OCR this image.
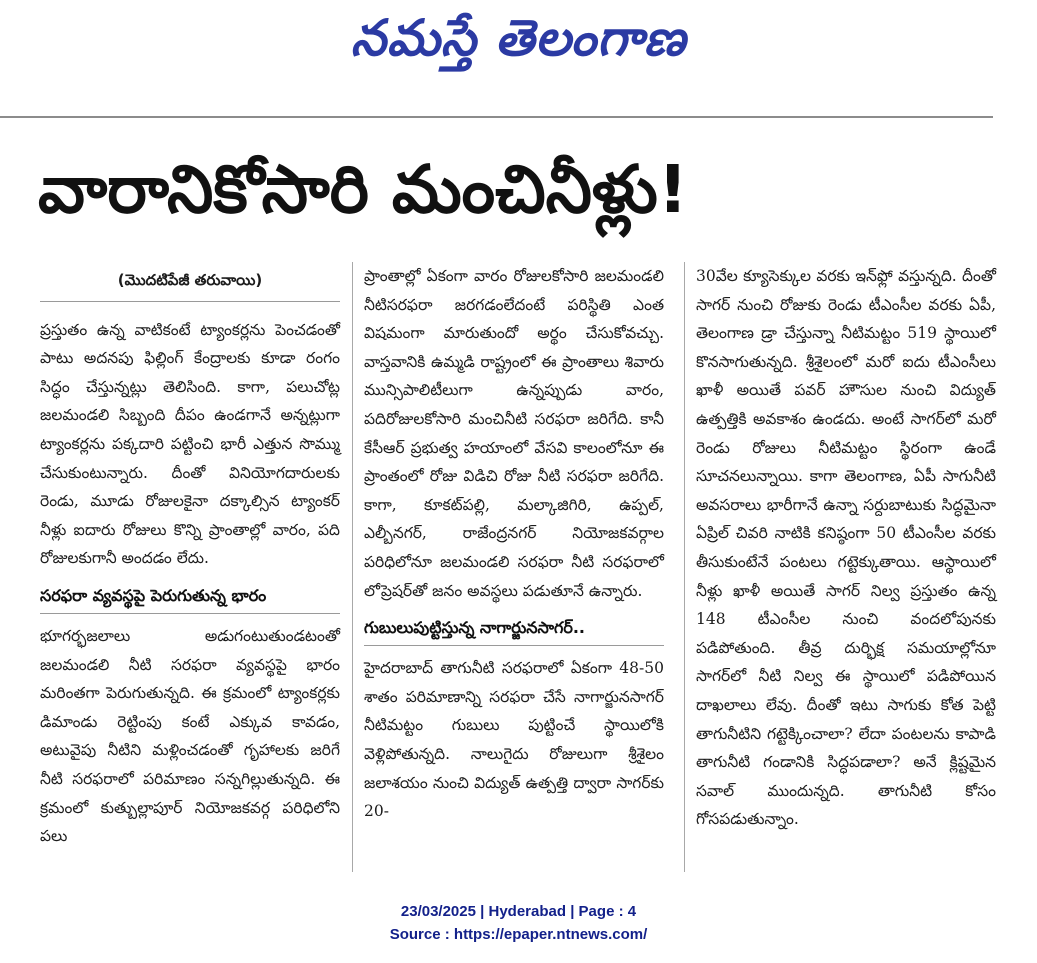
నమస్తే తెలంగాణ
వారానికోసారి మంచినీళ్లు!
(మొదటిపేజీ తరువాయి)

ప్రస్తుతం ఉన్న వాటికంటే ట్యాంకర్లను పెంచడంతో పాటు అదనపు ఫిల్లింగ్ కేంద్రాలకు కూడా రంగం సిద్ధం చేస్తున్నట్లు తెలిసింది. కాగా, పలుచోట్ల జలమండలి సిబ్బంది దీపం ఉండగానే అన్నట్లుగా ట్యాంకర్లను పక్కదారి పట్టించి భారీ ఎత్తున సొమ్ము చేసుకుంటున్నారు. దీంతో వినియోగదారులకు రెండు, మూడు రోజులకైనా దక్కాల్సిన ట్యాంకర్ నీళ్లు ఐదారు రోజులు కొన్ని ప్రాంతాల్లో వారం, పది రోజులకుగానీ అందడం లేదు.

సరఫరా వ్యవస్థపై పెరుగుతున్న భారం

భూగర్భజలాలు అడుగంటుతుండటంతో జలమండలి నీటి సరఫరా వ్యవస్థపై భారం మరింతగా పెరుగుతున్నది. ఈ క్రమంలో ట్యాంకర్లకు డిమాండు రెట్టింపు కంటే ఎక్కువ కావడం, అటువైపు నీటిని మళ్లించడంతో గృహాలకు జరిగే నీటి సరఫరాలో పరిమాణం సన్నగిల్లుతున్నది. ఈ క్రమంలో కుత్బుల్లాపూర్ నియోజకవర్గ పరిధిలోని పలు

ప్రాంతాల్లో ఏకంగా వారం రోజులకోసారి జలమండలి నీటిసరఫరా జరగడంలేదంటే పరిస్థితి ఎంత విషమంగా మారుతుందో అర్థం చేసుకోవచ్చు. వాస్తవానికి ఉమ్మడి రాష్ట్రంలో ఈ ప్రాంతాలు శివారు మున్సిపాలిటీలుగా ఉన్నప్పుడు వారం, పదిరోజులకోసారి మంచినీటి సరఫరా జరిగేది. కానీ కేసీఆర్ ప్రభుత్వ హయాంలో వేసవి కాలంలోనూ ఈ ప్రాంతంలో రోజు విడిచి రోజు నీటి సరఫరా జరిగేది. కాగా, కూకట్‌పల్లి, మల్కాజిగిరి, ఉప్పల్, ఎల్బీనగర్, రాజేంద్రనగర్ నియోజకవర్గాల పరిధిలోనూ జలమండలి సరఫరా నీటి సరఫరాలో లోప్రెషర్‌తో జనం అవస్థలు పడుతూనే ఉన్నారు.

గుబులుపుట్టిస్తున్న నాగార్జునసాగర్..

హైదరాబాద్ తాగునీటి సరఫరాలో ఏకంగా 48-50 శాతం పరిమాణాన్ని సరఫరా చేసే నాగార్జునసాగర్ నీటిమట్టం గుబులు పుట్టించే స్థాయిలోకి వెళ్లిపోతున్నది. నాలుగైదు రోజులుగా శ్రీశైలం జలాశయం నుంచి విద్యుత్ ఉత్పత్తి ద్వారా సాగర్‌కు 20-

30వేల క్యూసెక్కుల వరకు ఇన్‌ఫ్లో వస్తున్నది. దీంతో సాగర్ నుంచి రోజుకు రెండు టీఎంసీల వరకు ఏపీ, తెలంగాణ డ్రా చేస్తున్నా నీటిమట్టం 519 స్థాయిలో కొనసాగుతున్నది. శ్రీశైలంలో మరో ఐదు టీఎంసీలు ఖాళీ అయితే పవర్ హౌసుల నుంచి విద్యుత్ ఉత్పత్తికి అవకాశం ఉండదు. అంటే సాగర్‌లో మరో రెండు రోజులు నీటిమట్టం స్థిరంగా ఉండే సూచనలున్నాయి. కాగా తెలంగాణ, ఏపీ సాగునీటి అవసరాలు భారీగానే ఉన్నా సర్దుబాటుకు సిద్ధమైనా ఏప్రిల్ చివరి నాటికి కనిష్ఠంగా 50 టీఎంసీల వరకు తీసుకుంటేనే పంటలు గట్టెక్కుతాయి. ఆస్థాయిలో నీళ్లు ఖాళీ అయితే సాగర్ నిల్వ ప్రస్తుతం ఉన్న 148 టీఎంసీల నుంచి వందలోపునకు పడిపోతుంది. తీవ్ర దుర్భిక్ష సమయాల్లోనూ సాగర్‌లో నీటి నిల్వ ఈ స్థాయిలో పడిపోయిన దాఖలాలు లేవు. దీంతో ఇటు సాగుకు కోత పెట్టి తాగునీటిని గట్టెక్కించాలా? లేదా పంటలను కాపాడి తాగునీటి గండానికి సిద్ధపడాలా? అనే క్లిష్టమైన సవాల్ ముందున్నది. తాగునీటి కోసం గోసపడుతున్నాం.

23/03/2025 | Hyderabad | Page : 4
Source : https://epaper.ntnews.com/
